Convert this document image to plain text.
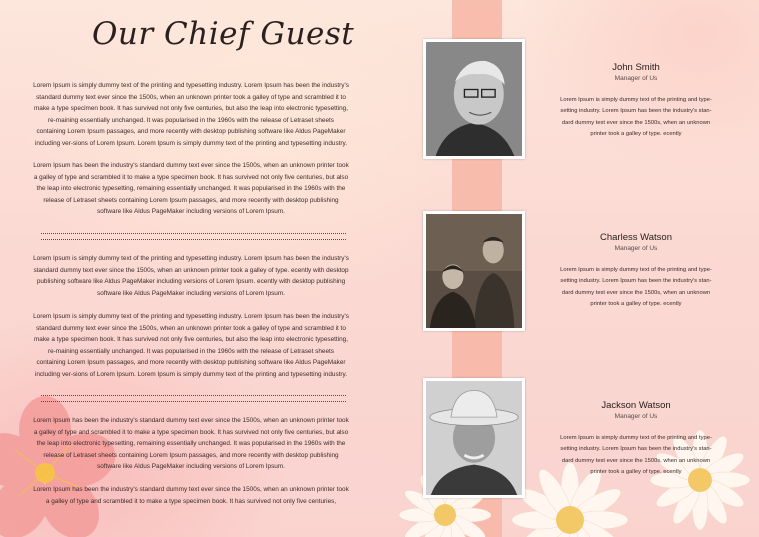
Our Chief Guest

Lorem Ipsum is simply dummy text of the printing and typesetting industry. Lorem Ipsum has been the industry's standard dummy text ever since the 1500s, when an unknown printer took a galley of type and scrambled it to make a type specimen book. It has survived not only five centuries, but also the leap into electronic typesetting, re-maining essentially unchanged. It was popularised in the 1960s with the release of Letraset sheets containing Lorem Ipsum passages, and more recently with desktop publishing software like Aldus PageMaker including ver-sions of Lorem Ipsum. Lorem Ipsum is simply dummy text of the printing and typesetting industry.

Lorem Ipsum has been the industry's standard dummy text ever since the 1500s, when an unknown printer took a galley of type and scrambled it to make a type specimen book. It has survived not only five centuries, but also the leap into electronic typesetting, remaining essentially unchanged. It was popularised in the 1960s with the release of Letraset sheets containing Lorem Ipsum passages, and more recently with desktop publishing software like Aldus PageMaker including versions of Lorem Ipsum.

Lorem Ipsum is simply dummy text of the printing and typesetting industry. Lorem Ipsum has been the industry's standard dummy text ever since the 1500s, when an unknown printer took a galley of type. ecently with desktop publishing software like Aldus PageMaker including versions of Lorem Ipsum. ecently with desktop publishing software like Aldus PageMaker including versions of Lorem Ipsum.

Lorem Ipsum is simply dummy text of the printing and typesetting industry. Lorem Ipsum has been the industry's standard dummy text ever since the 1500s, when an unknown printer took a galley of type and scrambled it to make a type specimen book. It has survived not only five centuries, but also the leap into electronic typesetting, re-maining essentially unchanged. It was popularised in the 1960s with the release of Letraset sheets containing Lorem Ipsum passages, and more recently with desktop publishing software like Aldus PageMaker including ver-sions of Lorem Ipsum. Lorem Ipsum is simply dummy text of the printing and typesetting industry.

Lorem Ipsum has been the industry's standard dummy text ever since the 1500s, when an unknown printer took a galley of type and scrambled it to make a type specimen book. It has survived not only five centuries, but also the leap into electronic typesetting, remaining essentially unchanged. It was popularised in the 1960s with the release of Letraset sheets containing Lorem Ipsum passages, and more recently with desktop publishing software like Aldus PageMaker including versions of Lorem Ipsum.

Lorem Ipsum has been the industry's standard dummy text ever since the 1500s, when an unknown printer took a galley of type and scrambled it to make a type specimen book. It has survived not only five centuries,

John Smith

Manager of Us

Lorem Ipsum is simply dummy text of the printing and type-setting industry. Lorem Ipsum has been the industry's stan-dard dummy text ever since the 1500s, when an unknown printer took a galley of type. ecently

Charless Watson

Manager of Us

Lorem Ipsum is simply dummy text of the printing and type-setting industry. Lorem Ipsum has been the industry's stan-dard dummy text ever since the 1500s, when an unknown printer took a galley of type. ecently

Jackson Watson

Manager of Us

Lorem Ipsum is simply dummy text of the printing and type-setting industry. Lorem Ipsum has been the industry's stan-dard dummy text ever since the 1500s, when an unknown printer took a galley of type. ecently
